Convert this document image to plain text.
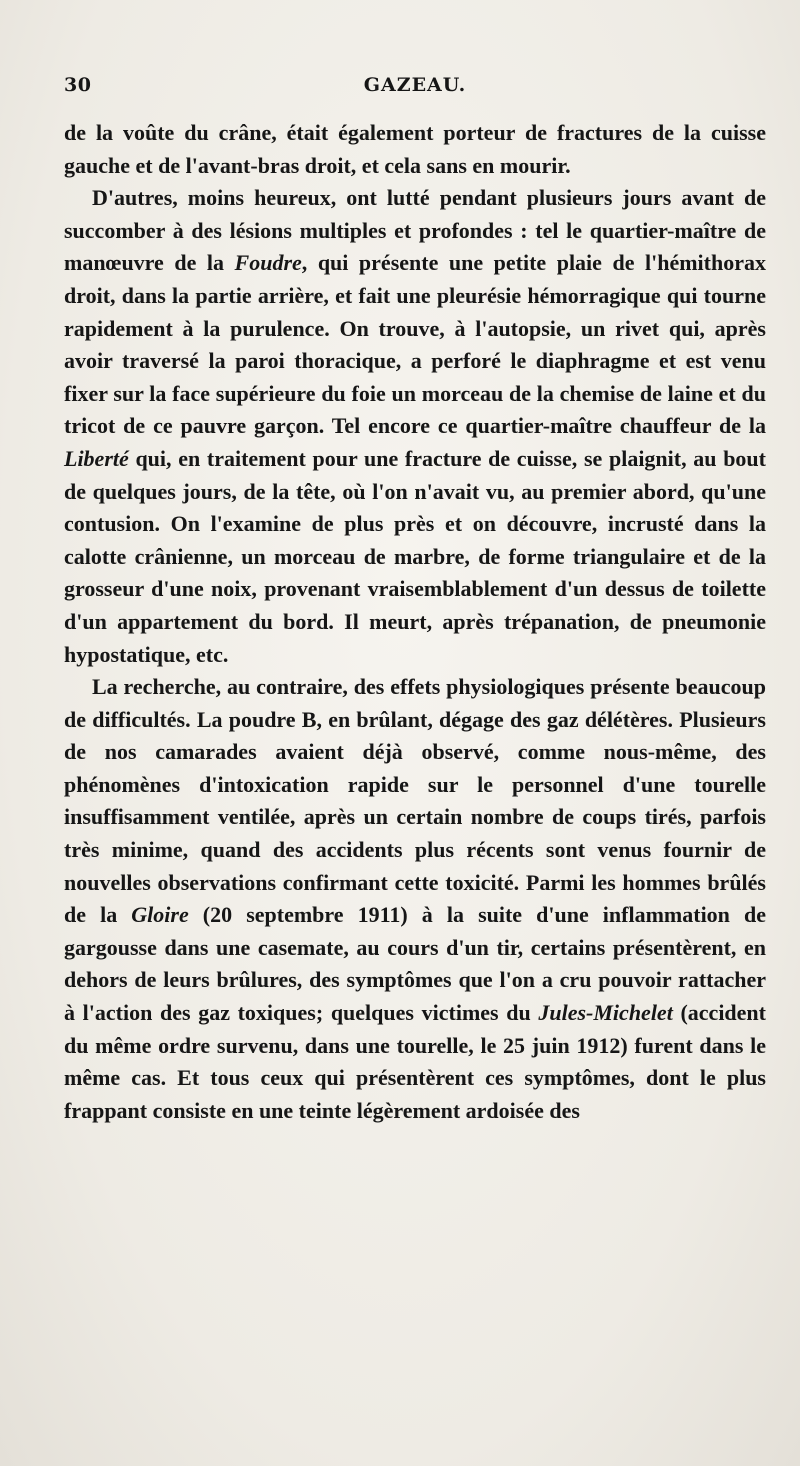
30	GAZEAU.

de la voûte du crâne, était également porteur de fractures de la cuisse gauche et de l'avant-bras droit, et cela sans en mourir.

D'autres, moins heureux, ont lutté pendant plusieurs jours avant de succomber à des lésions multiples et profondes : tel le quartier-maître de manœuvre de la Foudre, qui présente une petite plaie de l'hémithorax droit, dans la partie arrière, et fait une pleurésie hémorragique qui tourne rapidement à la purulence. On trouve, à l'autopsie, un rivet qui, après avoir traversé la paroi thoracique, a perforé le diaphragme et est venu fixer sur la face supérieure du foie un morceau de la chemise de laine et du tricot de ce pauvre garçon. Tel encore ce quartier-maître chauffeur de la Liberté qui, en traitement pour une fracture de cuisse, se plaignit, au bout de quelques jours, de la tête, où l'on n'avait vu, au premier abord, qu'une contusion. On l'examine de plus près et on découvre, incrusté dans la calotte crânienne, un morceau de marbre, de forme triangulaire et de la grosseur d'une noix, provenant vraisemblablement d'un dessus de toilette d'un appartement du bord. Il meurt, après trépanation, de pneumonie hypostatique, etc.

La recherche, au contraire, des effets physiologiques présente beaucoup de difficultés. La poudre B, en brûlant, dégage des gaz délétères. Plusieurs de nos camarades avaient déjà observé, comme nous-même, des phénomènes d'intoxication rapide sur le personnel d'une tourelle insuffisamment ventilée, après un certain nombre de coups tirés, parfois très minime, quand des accidents plus récents sont venus fournir de nouvelles observations confirmant cette toxicité. Parmi les hommes brûlés de la Gloire (20 septembre 1911) à la suite d'une inflammation de gargousse dans une casemate, au cours d'un tir, certains présentèrent, en dehors de leurs brûlures, des symptômes que l'on a cru pouvoir rattacher à l'action des gaz toxiques; quelques victimes du Jules-Michelet (accident du même ordre survenu, dans une tourelle, le 25 juin 1912) furent dans le même cas. Et tous ceux qui présentèrent ces symptômes, dont le plus frappant consiste en une teinte légèrement ardoisée des
